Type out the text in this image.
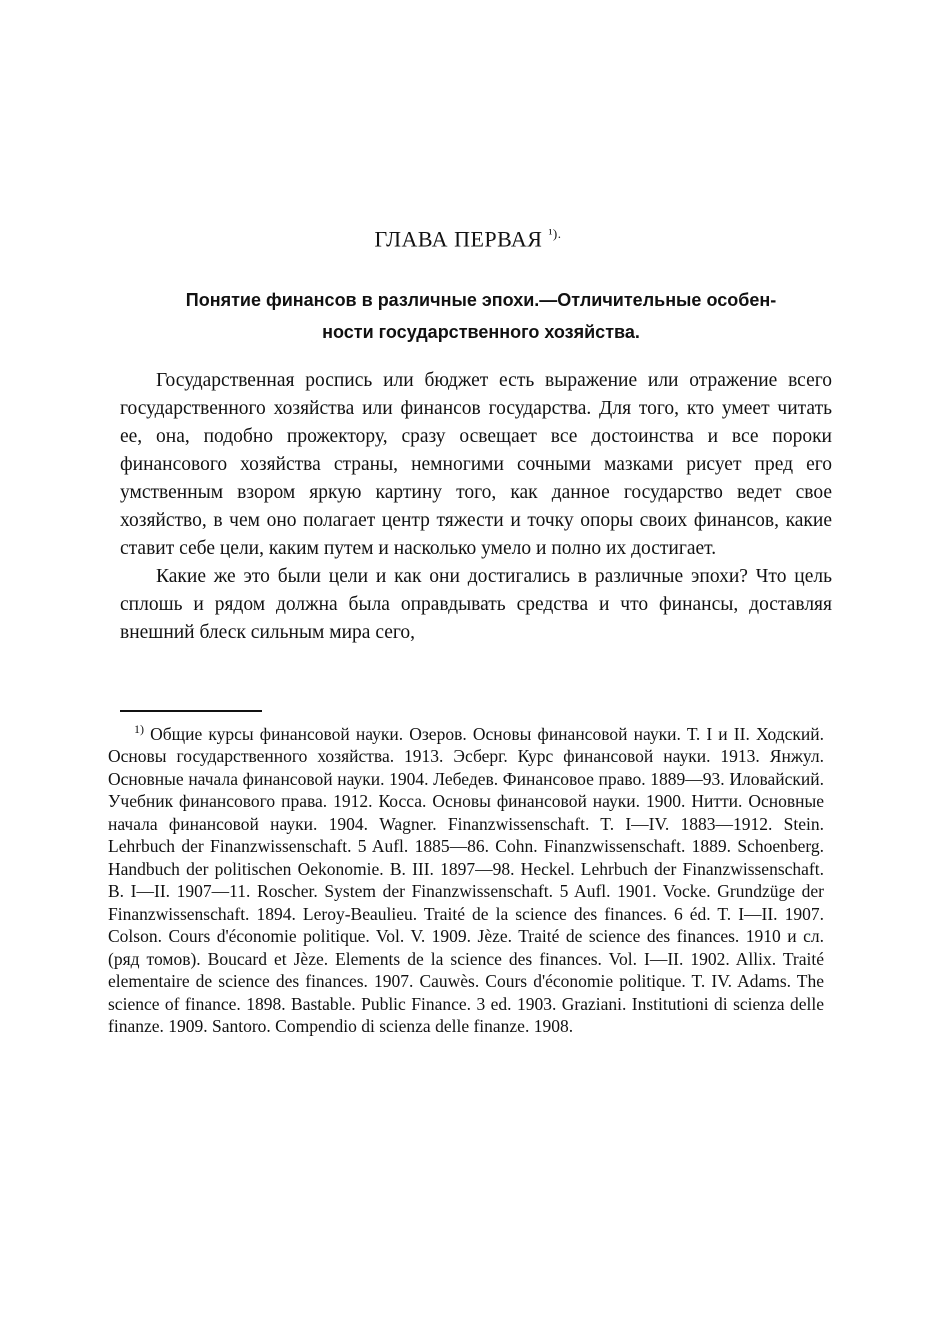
ГЛАВА ПЕРВАЯ $^{^1).}$
Понятие финансов в различные эпохи.—Отличительные особен-
ности государственного хозяйства.

Государственная роспись или бюджет есть выражение или отражение всего государственного хозяйства или финансов государства. Для того, кто умеет читать ее, она, подобно прожектору, сразу освещает все достоинства и все пороки финансового хозяйства страны, немногими сочными мазками рисует пред его умственным взором яркую картину того, как данное государство ведет свое хозяйство, в чем оно полагает центр тяжести и точку опоры своих финансов, какие ставит себе цели, каким путем и насколько умело и полно их достигает.

Какие же это были цели и как они достигались в различные эпохи? Что цель сплошь и рядом должна была оправдывать средства и что финансы, доставляя внешний блеск сильным мира сего,

$^{1)}$ Общие курсы финансовой науки. Озеров. Основы финансовой науки. Т. I и II. Ходский. Основы государственного хозяйства. 1913. Эсберг. Курс финансовой науки. 1913. Янжул. Основные начала финансовой науки. 1904. Лебедев. Финансовое право. 1889—93. Иловайский. Учебник финансового права. 1912. Косса. Основы финансовой науки. 1900. Нитти. Основные начала финансовой науки. 1904. Wagner. Finanzwissenschaft. T. I—IV. 1883—1912. Stein. Lehrbuch der Finanzwissenschaft. 5 Aufl. 1885—86. Cohn. Finanzwissenschaft. 1889. Schoenberg. Handbuch der politischen Oekonomie. B. III. 1897—98. Heckel. Lehrbuch der Finanzwissenschaft. B. I—II. 1907—11. Roscher. System der Finanzwissenschaft. 5 Aufl. 1901. Vocke. Grundzüge der Finanzwissenschaft. 1894. Leroy-Beaulieu. Traité de la science des finances. 6 éd. T. I—II. 1907. Colson. Cours d'économie politique. Vol. V. 1909. Jèze. Traité de science des finances. 1910 и сл. (ряд томов). Boucard et Jèze. Elements de la science des finances. Vol. I—II. 1902. Allix. Traité elementaire de science des finances. 1907. Cauwès. Cours d'économie politique. T. IV. Adams. The science of finance. 1898. Bastable. Public Finance. 3 ed. 1903. Graziani. Institutioni di scienza delle finanze. 1909. Santoro. Compendio di scienza delle finanze. 1908.
